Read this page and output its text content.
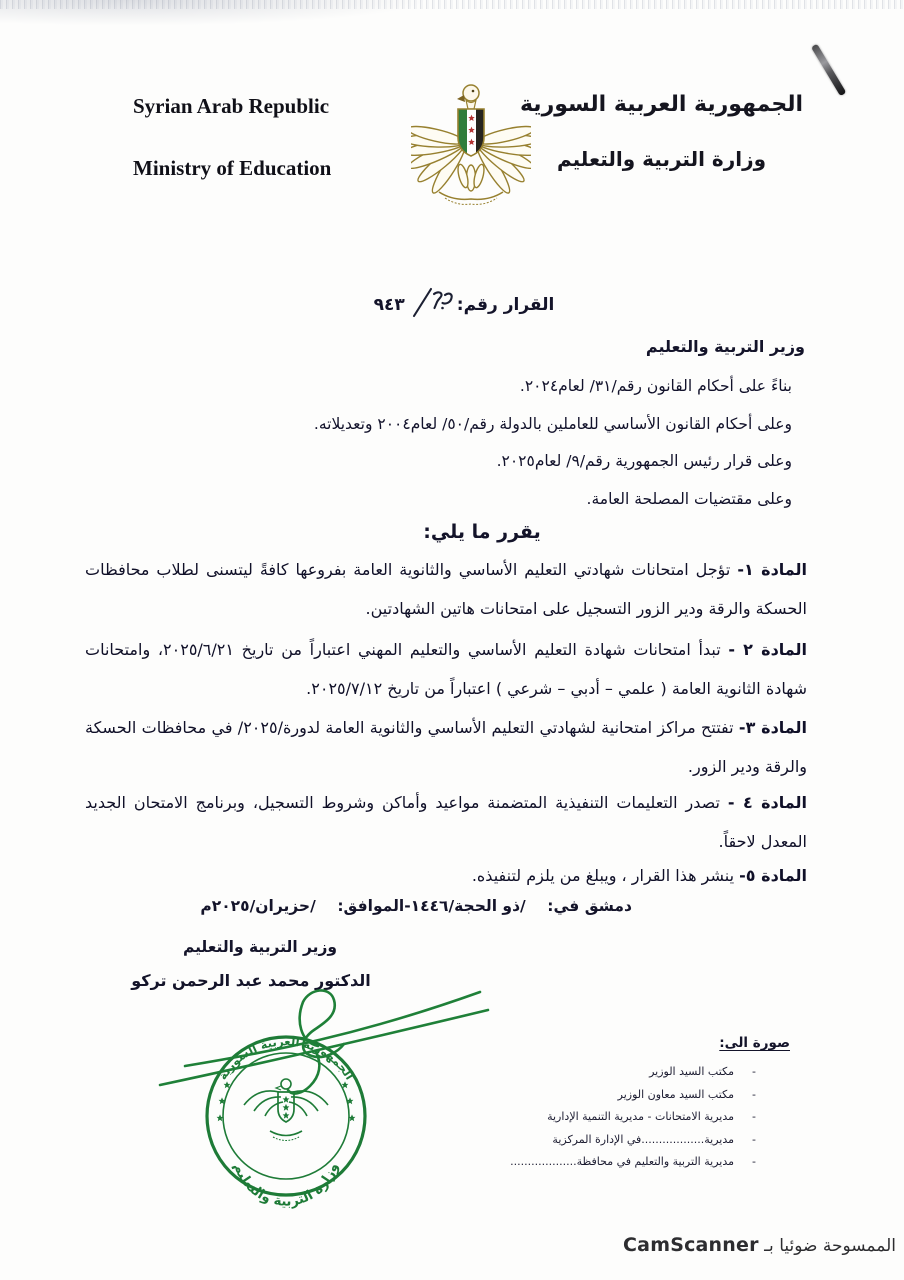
Syrian Arab Republic
Ministry of Education
الجمهورية العربية السورية
وزارة التربية والتعليم
القرار رقم:
٩٤٣
وزير التربية والتعليم
بناءً على أحكام القانون رقم/٣١/ لعام٢٠٢٤.
وعلى أحكام القانون الأساسي للعاملين بالدولة رقم/٥٠/ لعام٢٠٠٤ وتعديلاته.
وعلى قرار رئيس الجمهورية رقم/٩/ لعام٢٠٢٥.
وعلى مقتضيات المصلحة العامة.
يقرر ما يلي:

المادة ١- تؤجل امتحانات شهادتي التعليم الأساسي والثانوية العامة بفروعها كافةً ليتسنى لطلاب محافظات الحسكة والرقة ودير الزور التسجيل على امتحانات هاتين الشهادتين.

المادة ٢ - تبدأ امتحانات شهادة التعليم الأساسي والتعليم المهني اعتباراً من تاريخ ٢٠٢٥/٦/٢١، وامتحانات شهادة الثانوية العامة ( علمي – أدبي – شرعي ) اعتباراً من تاريخ ٢٠٢٥/٧/١٢.

المادة ٣- تفتتح مراكز امتحانية لشهادتي التعليم الأساسي والثانوية العامة لدورة/٢٠٢٥/ في محافظات الحسكة والرقة ودير الزور.

المادة ٤ - تصدر التعليمات التنفيذية المتضمنة مواعيد وأماكن وشروط التسجيل، وبرنامج الامتحان الجديد المعدل لاحقاً.

المادة ٥- ينشر هذا القرار ، ويبلغ من يلزم لتنفيذه.

دمشق في:    /ذو الحجة/١٤٤٦-الموافق:    /حزيران/٢٠٢٥م
وزير التربية والتعليم
الدكتور محمد عبد الرحمن تركو
الجمهورية العربية السورية
وزارة التربية والتعليم
صورة الى:
-
مكتب السيد الوزير
-
مكتب السيد معاون الوزير
-
مديرية الامتحانات - مديرية التنمية الإدارية
-
مديرية..................في الإدارة المركزية
-
مديرية التربية والتعليم في محافظة...................
الممسوحة ضوئيا بـ CamScanner
